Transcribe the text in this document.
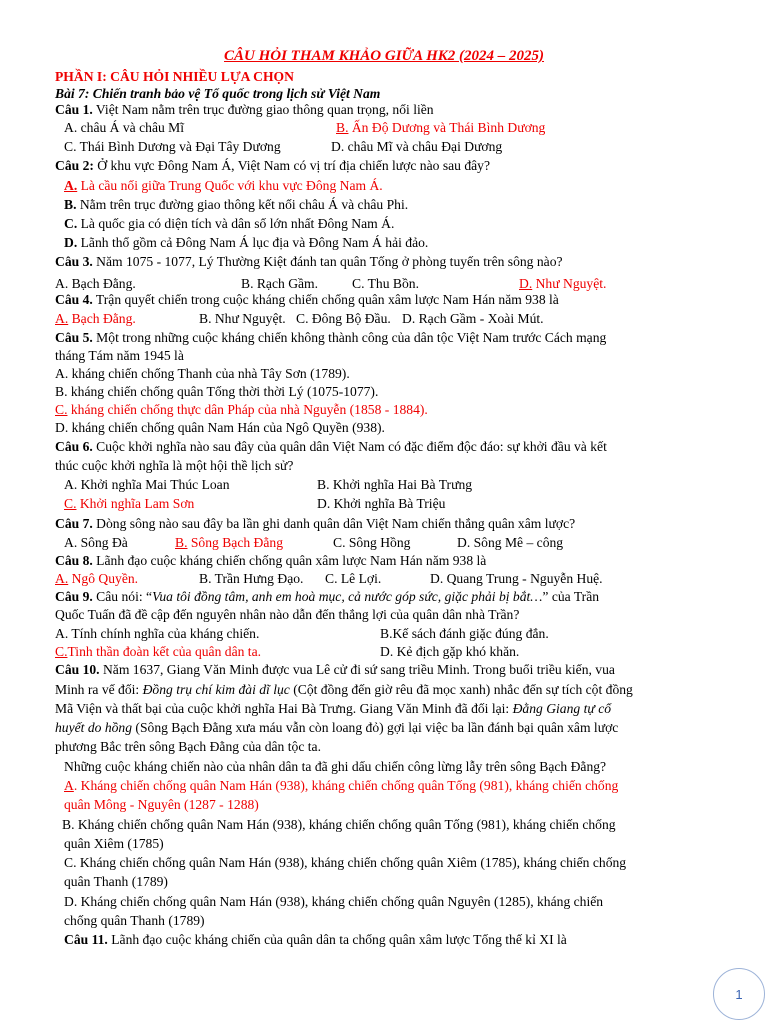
CÂU HỎI THAM KHẢO GIỮA HK2 (2024 – 2025)
PHẦN I: CÂU HỎI NHIỀU LỰA CHỌN
Bài 7: Chiến tranh bảo vệ Tổ quốc trong lịch sử Việt Nam
Câu 1. Việt Nam nằm trên trục đường giao thông quan trọng, nối liền
A. châu Á và châu Mĩ	B. Ấn Độ Dương và Thái Bình Dương
C. Thái Bình Dương và Đại Tây Dương	D. châu Mĩ và châu Đại Dương
Câu 2: Ở khu vực Đông Nam Á, Việt Nam có vị trí địa chiến lược nào sau đây?
A. Là cầu nối giữa Trung Quốc với khu vực Đông Nam Á.
B. Nằm trên trục đường giao thông kết nối châu Á và châu Phi.
C. Là quốc gia có diện tích và dân số lớn nhất Đông Nam Á.
D. Lãnh thổ gồm cả Đông Nam Á lục địa và Đông Nam Á hải đảo.
Câu 3. Năm 1075 - 1077, Lý Thường Kiệt đánh tan quân Tống ở phòng tuyến trên sông nào?
A. Bạch Đằng.	B. Rạch Gầm. C. Thu Bồn.	D. Như Nguyệt.
Câu 4. Trận quyết chiến trong cuộc kháng chiến chống quân xâm lược Nam Hán năm 938 là
A. Bạch Đằng.	B. Như Nguyệt. C. Đông Bộ Đầu. D. Rạch Gầm - Xoài Mút.
Câu 5. Một trong những cuộc kháng chiến không thành công của dân tộc Việt Nam trước Cách mạng
tháng Tám năm 1945 là
A. kháng chiến chống Thanh của nhà Tây Sơn (1789).
B. kháng chiến chống quân Tống thời thời Lý (1075-1077).
C. kháng chiến chống thực dân Pháp của nhà Nguyễn (1858 - 1884).
D. kháng chiến chống quân Nam Hán của Ngô Quyền (938).
Câu 6. Cuộc khởi nghĩa nào sau đây của quân dân Việt Nam có đặc điểm độc đáo: sự khởi đầu và kết
thúc cuộc khởi nghĩa là một hội thề lịch sử?
A. Khởi nghĩa Mai Thúc Loan	B. Khởi nghĩa Hai Bà Trưng
C. Khởi nghĩa Lam Sơn	D. Khởi nghĩa Bà Triệu
Câu 7. Dòng sông nào sau đây ba lần ghi danh quân dân Việt Nam chiến thắng quân xâm lược?
A. Sông Đà	B. Sông Bạch Đằng	C. Sông Hồng	D. Sông Mê – công
Câu 8. Lãnh đạo cuộc kháng chiến chống quân xâm lược Nam Hán năm 938 là
A. Ngô Quyền.	B. Trần Hưng Đạo. C. Lê Lợi.	D. Quang Trung - Nguyễn Huệ.
Câu 9. Câu nói: “Vua tôi đồng tâm, anh em hoà mục, cả nước góp sức, giặc phải bị bắt…” của Trần
Quốc Tuấn đã đề cập đến nguyên nhân nào dẫn đến thắng lợi của quân dân nhà Trần?
A. Tính chính nghĩa của kháng chiến.	B.Kế sách đánh giặc đúng đắn.
C.Tinh thần đoàn kết của quân dân ta.	D. Kẻ địch gặp khó khăn.
Câu 10. Năm 1637, Giang Văn Minh được vua Lê cử đi sứ sang triều Minh. Trong buổi triều kiến, vua
Minh ra vế đối: Đồng trụ chí kim đài dĩ lục (Cột đồng đến giờ rêu đã mọc xanh) nhắc đến sự tích cột đồng
Mã Viện và thất bại của cuộc khởi nghĩa Hai Bà Trưng. Giang Văn Minh đã đối lại: Đằng Giang tự cổ
huyết do hồng (Sông Bạch Đằng xưa máu vẫn còn loang đỏ) gợi lại việc ba lần đánh bại quân xâm lược
phương Bắc trên sông Bạch Đằng của dân tộc ta.
Những cuộc kháng chiến nào của nhân dân ta đã ghi dấu chiến công lừng lẫy trên sông Bạch Đằng?
A. Kháng chiến chống quân Nam Hán (938), kháng chiến chống quân Tống (981), kháng chiến chống
quân Mông - Nguyên (1287 - 1288)
B. Kháng chiến chống quân Nam Hán (938), kháng chiến chống quân Tống (981), kháng chiến chống
quân Xiêm (1785)
C. Kháng chiến chống quân Nam Hán (938), kháng chiến chống quân Xiêm (1785), kháng chiến chống
quân Thanh (1789)
D. Kháng chiến chống quân Nam Hán (938), kháng chiến chống quân Nguyên (1285), kháng chiến
chống quân Thanh (1789)
Câu 11. Lãnh đạo cuộc kháng chiến của quân dân ta chống quân xâm lược Tống thế kỉ XI là
1
